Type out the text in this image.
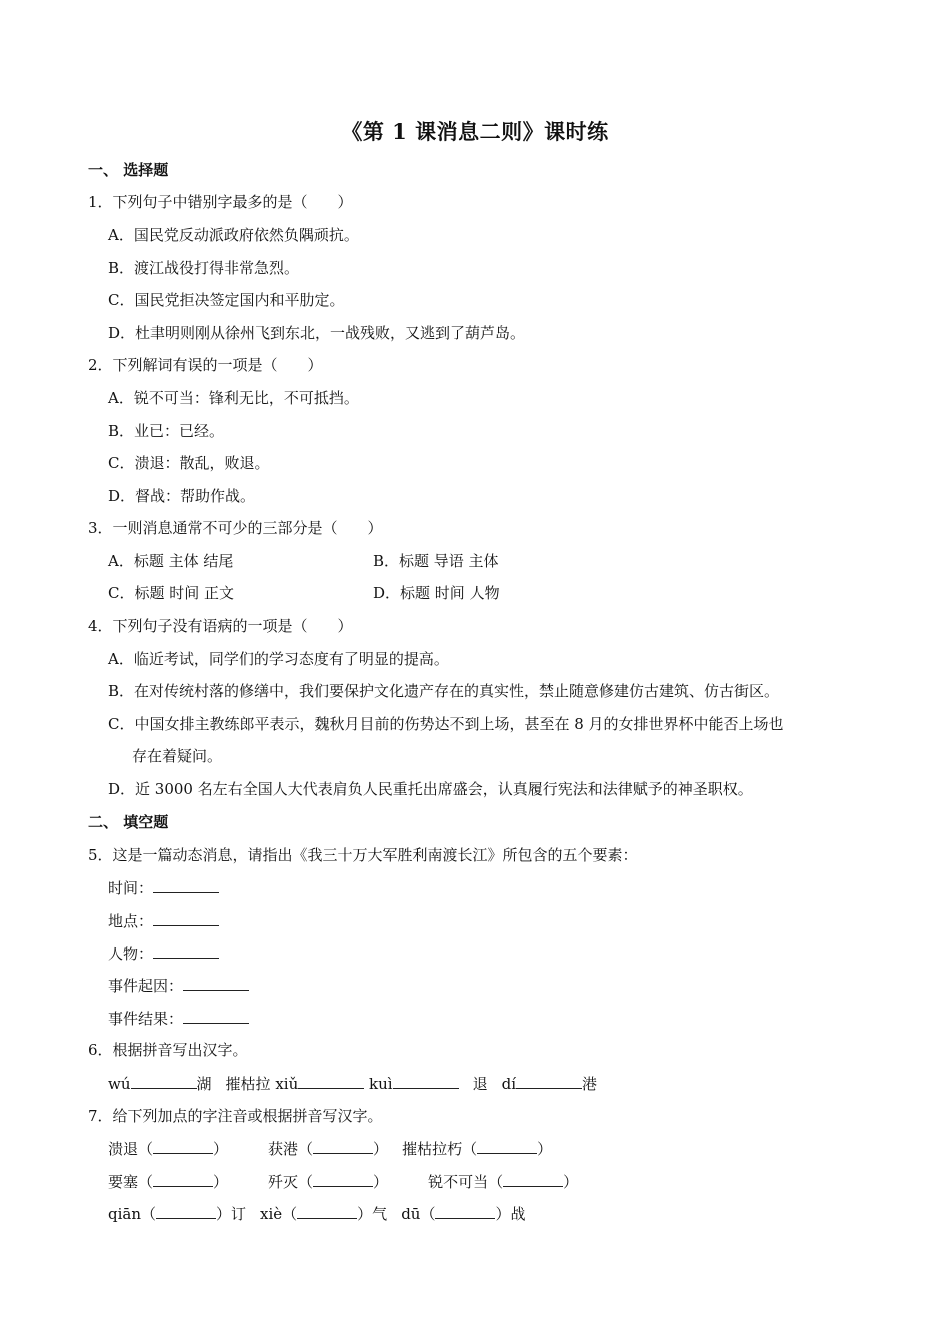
《第 1 课消息二则》课时练
一、 选择题
1．下列句子中错别字最多的是（　　）
A．国民党反动派政府依然负隅顽抗。
B．渡江战役打得非常急烈。
C．国民党拒决签定国内和平肋定。
D．杜聿明则刚从徐州飞到东北，一战残败，又逃到了葫芦岛。
2．下列解词有误的一项是（　　）
A．锐不可当：锋利无比，不可抵挡。
B．业已：已经。
C．溃退：散乱，败退。
D．督战：帮助作战。
3．一则消息通常不可少的三部分是（　　）
A．标题 主体 结尾	B．标题 导语 主体
C．标题 时间 正文	D．标题 时间 人物
4．下列句子没有语病的一项是（　　）
A．临近考试，同学们的学习态度有了明显的提高。
B．在对传统村落的修缮中，我们要保护文化遗产存在的真实性，禁止随意修建仿古建筑、仿古街区。
C．中国女排主教练郎平表示，魏秋月目前的伤势达不到上场，甚至在 8 月的女排世界杯中能否上场也
存在着疑问。
D．近 3000 名左右全国人大代表肩负人民重托出席盛会，认真履行宪法和法律赋予的神圣职权。
二、 填空题
5．这是一篇动态消息，请指出《我三十万大军胜利南渡长江》所包含的五个要素：
时间：
地点：
人物：
事件起因：
事件结果：
6．根据拼音写出汉字。
wú	湖 摧枯拉 xiǔ	kuì	退 dí	港
7．给下列加点的字注音或根据拼音写汉字。
溃退（	）	获港（	） 摧枯拉朽（	）
要塞（	）	歼灭（	）	锐不可当（	）
qiān（	）订 xiè（	）气 dū（	）战
